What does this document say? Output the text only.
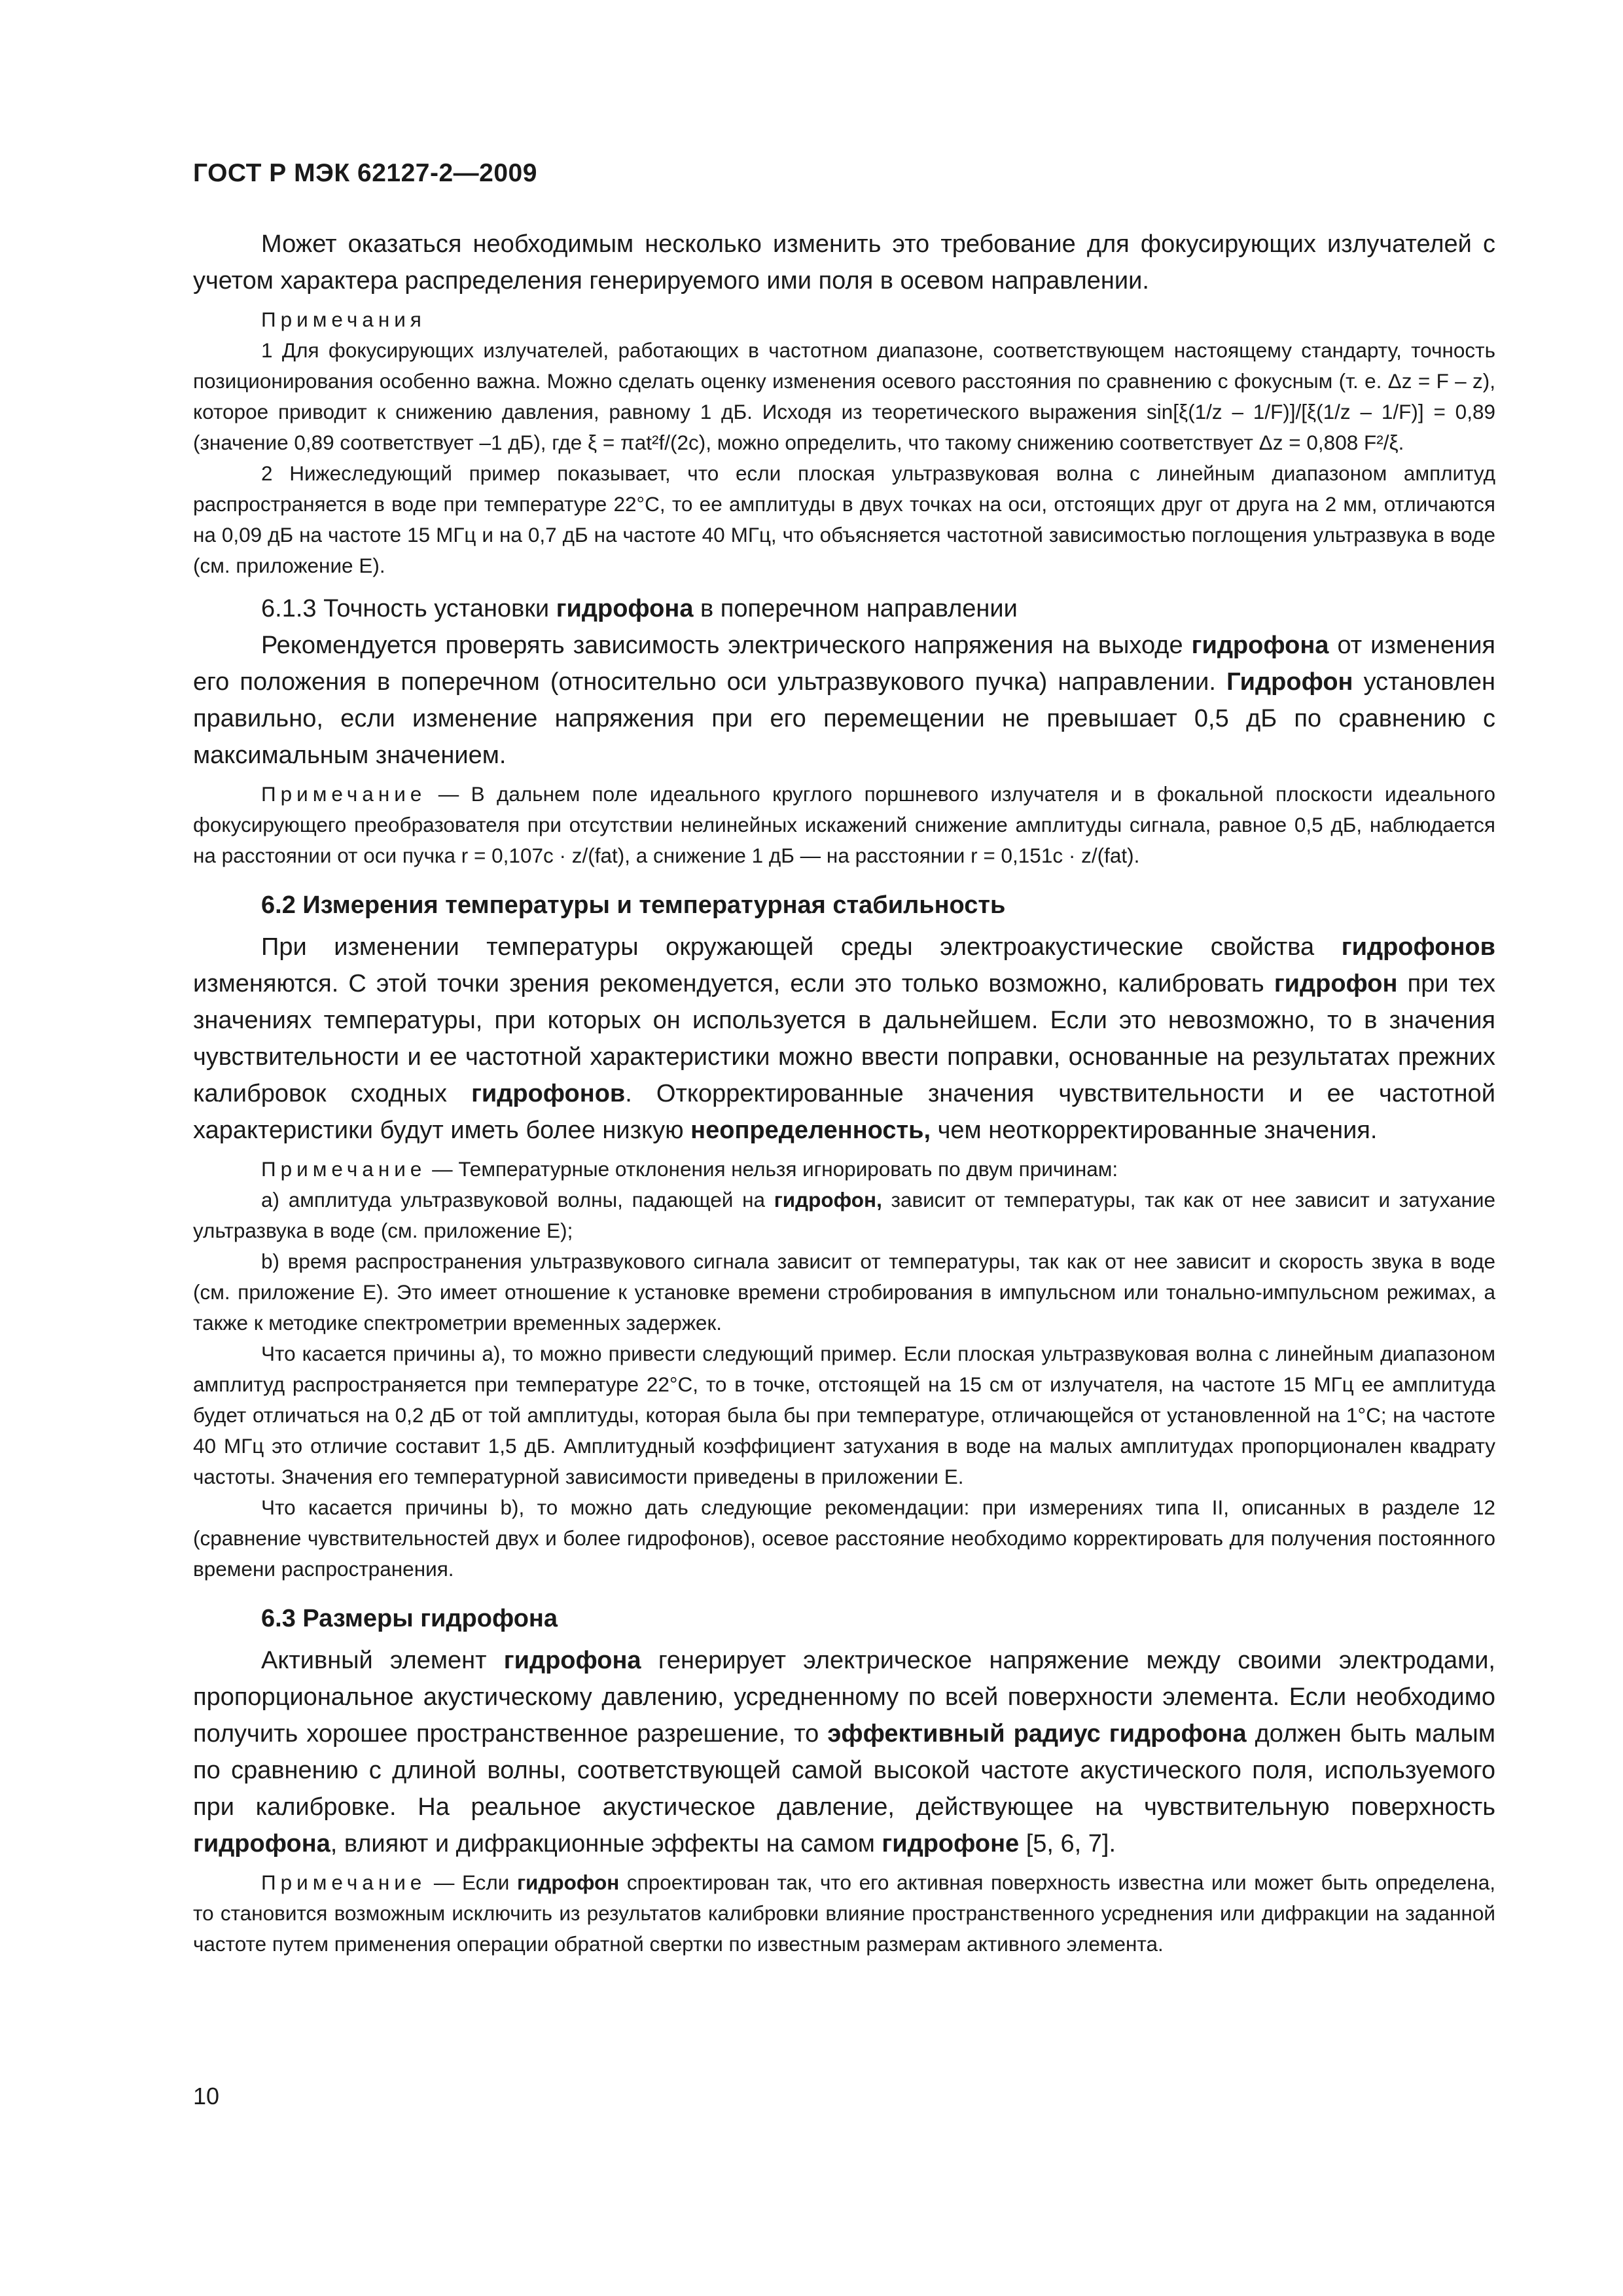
ГОСТ Р МЭК 62127-2—2009

Может оказаться необходимым несколько изменить это требование для фокусирующих излучателей с учетом характера распределения генерируемого ими поля в осевом направлении.

Примечания

1 Для фокусирующих излучателей, работающих в частотном диапазоне, соответствующем настоящему стандарту, точность позиционирования особенно важна. Можно сделать оценку изменения осевого расстояния по сравнению с фокусным (т. е. Δz = F – z), которое приводит к снижению давления, равному 1 дБ. Исходя из теоретического выражения sin[ξ(1/z – 1/F)]/[ξ(1/z – 1/F)] = 0,89 (значение 0,89 соответствует –1 дБ), где ξ = πat²f/(2c), можно определить, что такому снижению соответствует Δz = 0,808 F²/ξ.

2 Нижеследующий пример показывает, что если плоская ультразвуковая волна с линейным диапазоном амплитуд распространяется в воде при температуре 22°С, то ее амплитуды в двух точках на оси, отстоящих друг от друга на 2 мм, отличаются на 0,09 дБ на частоте 15 МГц и на 0,7 дБ на частоте 40 МГц, что объясняется частотной зависимостью поглощения ультразвука в воде (см. приложение Е).

6.1.3 Точность установки гидрофона в поперечном направлении

Рекомендуется проверять зависимость электрического напряжения на выходе гидрофона от изменения его положения в поперечном (относительно оси ультразвукового пучка) направлении. Гидрофон установлен правильно, если изменение напряжения при его перемещении не превышает 0,5 дБ по сравнению с максимальным значением.

Примечание — В дальнем поле идеального круглого поршневого излучателя и в фокальной плоскости идеального фокусирующего преобразователя при отсутствии нелинейных искажений снижение амплитуды сигнала, равное 0,5 дБ, наблюдается на расстоянии от оси пучка r = 0,107c · z/(fat), а снижение 1 дБ — на расстоянии r = 0,151c · z/(fat).

6.2 Измерения температуры и температурная стабильность

При изменении температуры окружающей среды электроакустические свойства гидрофонов изменяются. С этой точки зрения рекомендуется, если это только возможно, калибровать гидрофон при тех значениях температуры, при которых он используется в дальнейшем. Если это невозможно, то в значения чувствительности и ее частотной характеристики можно ввести поправки, основанные на результатах прежних калибровок сходных гидрофонов. Откорректированные значения чувствительности и ее частотной характеристики будут иметь более низкую неопределенность, чем неоткорректированные значения.

Примечание — Температурные отклонения нельзя игнорировать по двум причинам:

а) амплитуда ультразвуковой волны, падающей на гидрофон, зависит от температуры, так как от нее зависит и затухание ультразвука в воде (см. приложение Е);

b) время распространения ультразвукового сигнала зависит от температуры, так как от нее зависит и скорость звука в воде (см. приложение Е). Это имеет отношение к установке времени стробирования в импульсном или тонально-импульсном режимах, а также к методике спектрометрии временных задержек.

Что касается причины а), то можно привести следующий пример. Если плоская ультразвуковая волна с линейным диапазоном амплитуд распространяется при температуре 22°С, то в точке, отстоящей на 15 см от излучателя, на частоте 15 МГц ее амплитуда будет отличаться на 0,2 дБ от той амплитуды, которая была бы при температуре, отличающейся от установленной на 1°С; на частоте 40 МГц это отличие составит 1,5 дБ. Амплитудный коэффициент затухания в воде на малых амплитудах пропорционален квадрату частоты. Значения его температурной зависимости приведены в приложении Е.

Что касается причины b), то можно дать следующие рекомендации: при измерениях типа II, описанных в разделе 12 (сравнение чувствительностей двух и более гидрофонов), осевое расстояние необходимо корректировать для получения постоянного времени распространения.

6.3 Размеры гидрофона

Активный элемент гидрофона генерирует электрическое напряжение между своими электродами, пропорциональное акустическому давлению, усредненному по всей поверхности элемента. Если необходимо получить хорошее пространственное разрешение, то эффективный радиус гидрофона должен быть малым по сравнению с длиной волны, соответствующей самой высокой частоте акустического поля, используемого при калибровке. На реальное акустическое давление, действующее на чувствительную поверхность гидрофона, влияют и дифракционные эффекты на самом гидрофоне [5, 6, 7].

Примечание — Если гидрофон спроектирован так, что его активная поверхность известна или может быть определена, то становится возможным исключить из результатов калибровки влияние пространственного усреднения или дифракции на заданной частоте путем применения операции обратной свертки по известным размерам активного элемента.

10
